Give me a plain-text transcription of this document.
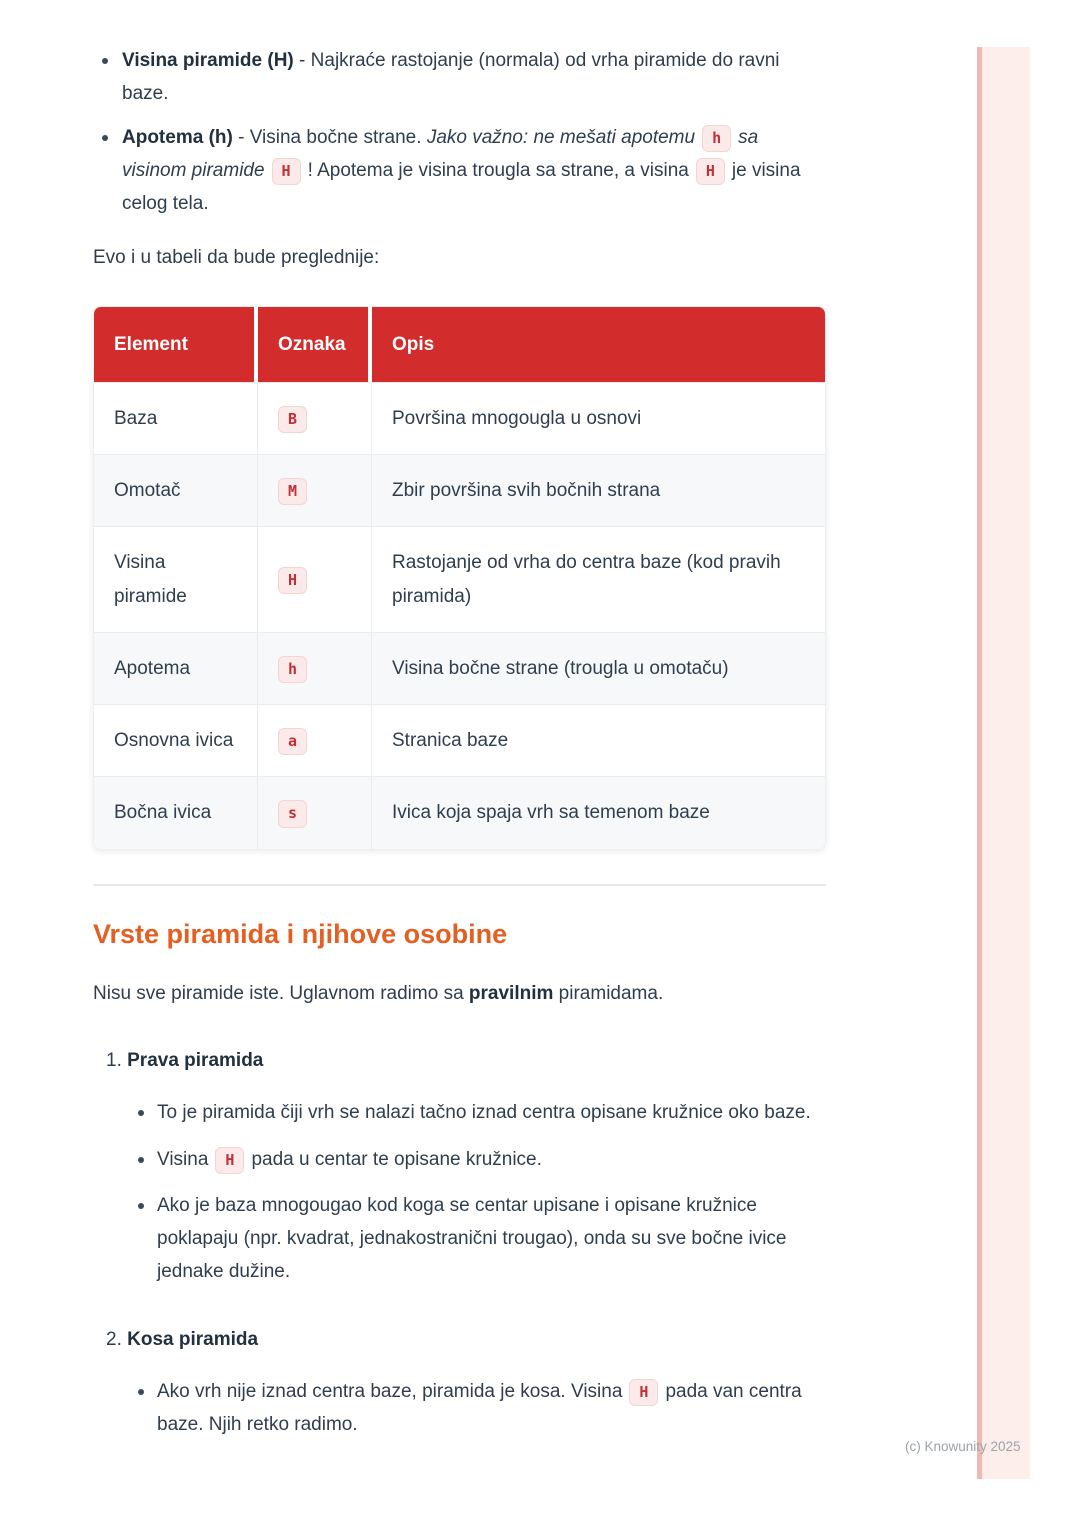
(c) Knowunity 2025
Visina piramide (H) - Najkraće rastojanje (normala) od vrha piramide do ravni baze.
Apotema (h) - Visina bočne strane. Jako važno: ne mešati apotemu h sa visinom piramide H ! Apotema je visina trougla sa strane, a visina H je visina celog tela.

Evo i u tabeli da bude preglednije:

Element	Oznaka	Opis
Baza	B	Površina mnogougla u osnovi
Omotač	M	Zbir površina svih bočnih strana
Visina piramide	H	Rastojanje od vrha do centra baze (kod pravih piramida)
Apotema	h	Visina bočne strane (trougla u omotaču)
Osnovna ivica	a	Stranica baze
Bočna ivica	s	Ivica koja spaja vrh sa temenom baze
Vrste piramida i njihove osobine

Nisu sve piramide iste. Uglavnom radimo sa pravilnim piramidama.

1. Prava piramida
To je piramida čiji vrh se nalazi tačno iznad centra opisane kružnice oko baze.
Visina H pada u centar te opisane kružnice.
Ako je baza mnogougao kod koga se centar upisane i opisane kružnice poklapaju (npr. kvadrat, jednakostranični trougao), onda su sve bočne ivice jednake dužine.
2. Kosa piramida
Ako vrh nije iznad centra baze, piramida je kosa. Visina H pada van centra baze. Njih retko radimo.
